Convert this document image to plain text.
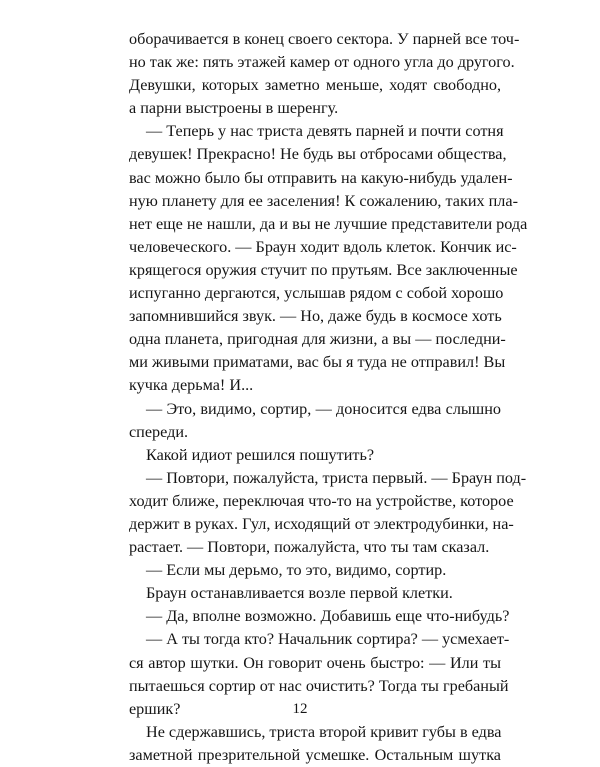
оборачивается в конец своего сектора. У парней все точ-
но так же: пять этажей камер от одного угла до другого.
Девушки, которых заметно меньше, ходят свободно,
а парни выстроены в шеренгу.
— Теперь у нас триста девять парней и почти сотня
девушек! Прекрасно! Не будь вы отбросами общества,
вас можно было бы отправить на какую-нибудь удален-
ную планету для ее заселения! К сожалению, таких пла-
нет еще не нашли, да и вы не лучшие представители рода
человеческого. — Браун ходит вдоль клеток. Кончик ис-
крящегося оружия стучит по прутьям. Все заключенные
испуганно дергаются, услышав рядом с собой хорошо
запомнившийся звук. — Но, даже будь в космосе хоть
одна планета, пригодная для жизни, а вы — последни-
ми живыми приматами, вас бы я туда не отправил! Вы
кучка дерьма! И...
— Это, видимо, сортир, — доносится едва слышно
спереди.
Какой идиот решился пошутить?
— Повтори, пожалуйста, триста первый. — Браун под-
ходит ближе, переключая что-то на устройстве, которое
держит в руках. Гул, исходящий от электродубинки, на-
растает. — Повтори, пожалуйста, что ты там сказал.
— Если мы дерьмо, то это, видимо, сортир.
Браун останавливается возле первой клетки.
— Да, вполне возможно. Добавишь еще что-нибудь?
— А ты тогда кто? Начальник сортира? — усмехает-
ся автор шутки. Он говорит очень быстро: — Или ты
пытаешься сортир от нас очистить? Тогда ты гребаный
ершик?
Не сдержавшись, триста второй кривит губы в едва
заметной презрительной усмешке. Остальным шутка
12
